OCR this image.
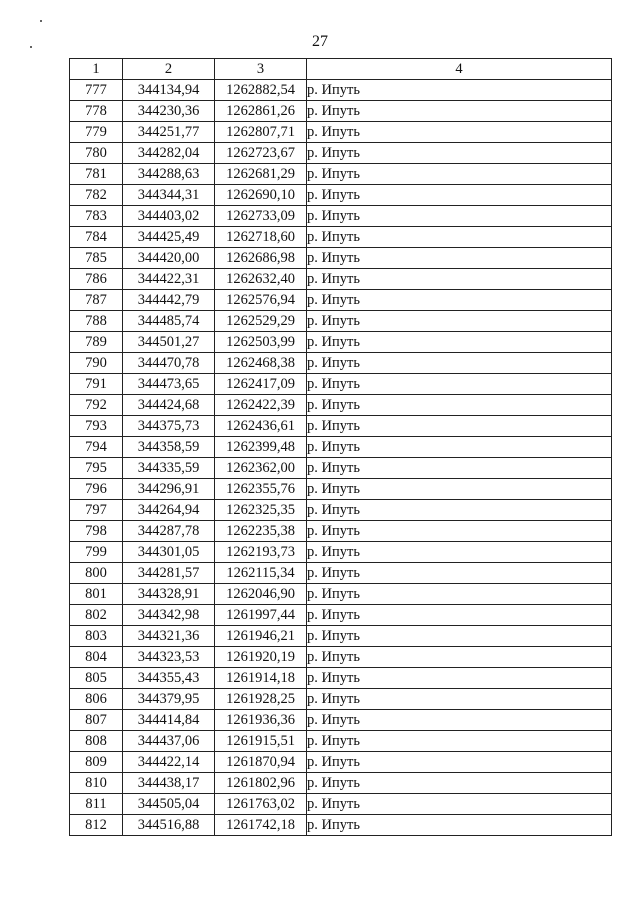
27
1	2	3	4
777	344134,94	1262882,54	р. Ипуть
778	344230,36	1262861,26	р. Ипуть
779	344251,77	1262807,71	р. Ипуть
780	344282,04	1262723,67	р. Ипуть
781	344288,63	1262681,29	р. Ипуть
782	344344,31	1262690,10	р. Ипуть
783	344403,02	1262733,09	р. Ипуть
784	344425,49	1262718,60	р. Ипуть
785	344420,00	1262686,98	р. Ипуть
786	344422,31	1262632,40	р. Ипуть
787	344442,79	1262576,94	р. Ипуть
788	344485,74	1262529,29	р. Ипуть
789	344501,27	1262503,99	р. Ипуть
790	344470,78	1262468,38	р. Ипуть
791	344473,65	1262417,09	р. Ипуть
792	344424,68	1262422,39	р. Ипуть
793	344375,73	1262436,61	р. Ипуть
794	344358,59	1262399,48	р. Ипуть
795	344335,59	1262362,00	р. Ипуть
796	344296,91	1262355,76	р. Ипуть
797	344264,94	1262325,35	р. Ипуть
798	344287,78	1262235,38	р. Ипуть
799	344301,05	1262193,73	р. Ипуть
800	344281,57	1262115,34	р. Ипуть
801	344328,91	1262046,90	р. Ипуть
802	344342,98	1261997,44	р. Ипуть
803	344321,36	1261946,21	р. Ипуть
804	344323,53	1261920,19	р. Ипуть
805	344355,43	1261914,18	р. Ипуть
806	344379,95	1261928,25	р. Ипуть
807	344414,84	1261936,36	р. Ипуть
808	344437,06	1261915,51	р. Ипуть
809	344422,14	1261870,94	р. Ипуть
810	344438,17	1261802,96	р. Ипуть
811	344505,04	1261763,02	р. Ипуть
812	344516,88	1261742,18	р. Ипуть
